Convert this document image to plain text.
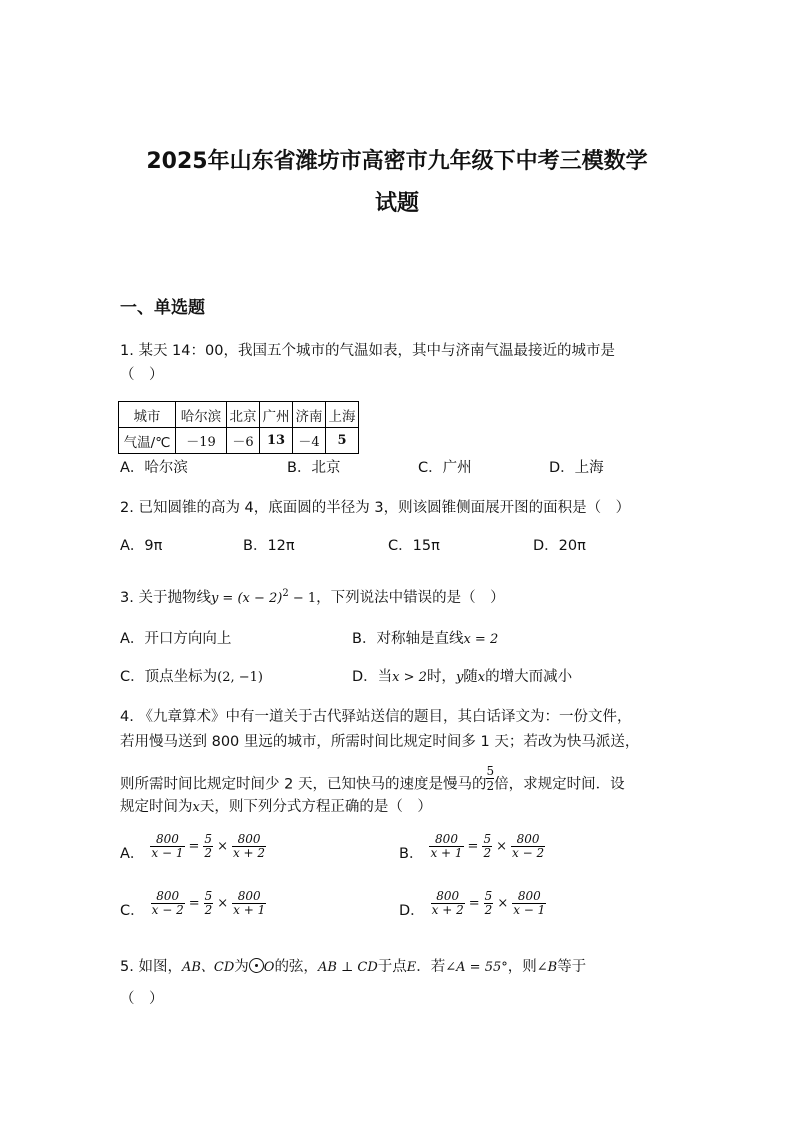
2025年山东省潍坊市高密市九年级下中考三模数学
试题
一、单选题
1. 某天 14：00，我国五个城市的气温如表，其中与济南气温最接近的城市是
（　）
城市	哈尔滨	北京	广州	济南	上海
气温/℃	－19	－6	13	－4	5
A．哈尔滨	B．北京	C．广州	D．上海
2. 已知圆锥的高为 4，底面圆的半径为 3，则该圆锥侧面展开图的面积是（　）
A．9π	B．12π	C．15π	D．20π
3. 关于抛物线$y = (x - 2)^2 - 1$，下列说法中错误的是（　）
A．开口方向向上	B．对称轴是直线x = 2
C．顶点坐标为(2, −1)	D．当x > 2时，y随x的增大而减小
4. 《九章算术》中有一道关于古代驿站送信的题目，其白话译文为：一份文件，
若用慢马送到 800 里远的城市，所需时间比规定时间多 1 天；若改为快马派送，
则所需时间比规定时间少 2 天，已知快马的速度是慢马的 $\frac{5}{2}$ 倍，求规定时间．设
规定时间为x天，则下列分式方程正确的是（　）
A． $\frac{800}{x - 1} = \frac{5}{2} \times \frac{800}{x + 2}$	B． $\frac{800}{x + 1} = \frac{5}{2} \times \frac{800}{x - 2}$
C． $\frac{800}{x - 2} = \frac{5}{2} \times \frac{800}{x + 1}$	D． $\frac{800}{x + 2} = \frac{5}{2} \times \frac{800}{x - 1}$
5. 如图，AB、CD为 O的弦，AB ⊥ CD于点E．若∠A = 55°，则∠B等于
（　）
